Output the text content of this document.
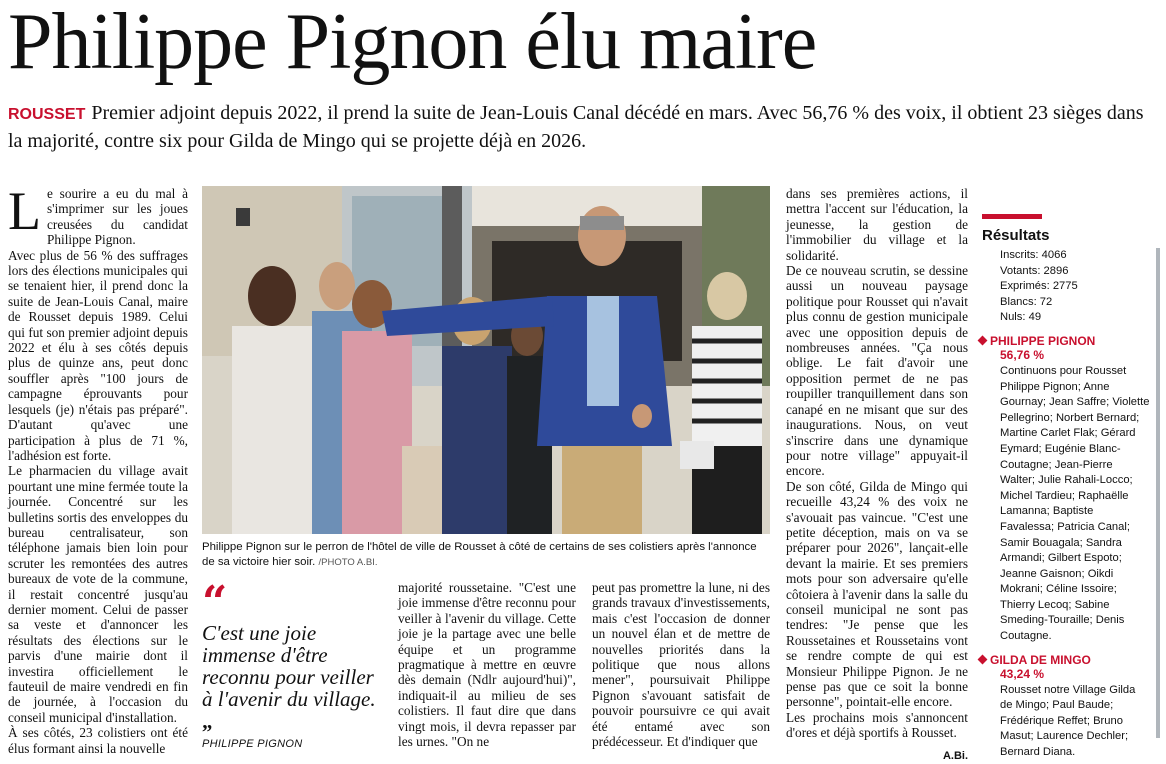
Philippe Pignon élu maire
ROUSSET Premier adjoint depuis 2022, il prend la suite de Jean-Louis Canal décédé en mars. Avec 56,76 % des voix, il obtient 23 sièges dans la majorité, contre six pour Gilda de Mingo qui se projette déjà en 2026.

Le sourire a eu du mal à s'imprimer sur les joues creusées du candidat Philippe Pignon.

Avec plus de 56 % des suffrages lors des élections municipales qui se tenaient hier, il prend donc la suite de Jean-Louis Canal, maire de Rousset depuis 1989. Celui qui fut son premier adjoint depuis 2022 et élu à ses côtés depuis plus de quinze ans, peut donc souffler après "100 jours de campagne éprouvants pour lesquels (je) n'étais pas préparé". D'autant qu'avec une participation à plus de 71 %, l'adhésion est forte.

Le pharmacien du village avait pourtant une mine fermée toute la journée. Concentré sur les bulletins sortis des enveloppes du bureau centralisateur, son téléphone jamais bien loin pour scruter les remontées des autres bureaux de vote de la commune, il restait concentré jusqu'au dernier moment. Celui de passer sa veste et d'annoncer les résultats des élections sur le parvis d'une mairie dont il investira officiellement le fauteuil de maire vendredi en fin de journée, à l'occasion du conseil municipal d'installation.

À ses côtés, 23 colistiers ont été élus formant ainsi la nouvelle

Philippe Pignon sur le perron de l'hôtel de ville de Rousset à côté de certains de ses colistiers après l'annonce de sa victoire hier soir. /PHOTO A.BI.
“
C'est une joie immense d'être reconnu pour veiller à l'avenir du village. „
PHILIPPE PIGNON

majorité roussetaine. "C'est une joie immense d'être reconnu pour veiller à l'avenir du village. Cette joie je la partage avec une belle équipe et un programme pragmatique à mettre en œuvre dès demain (Ndlr aujourd'hui)", indiquait-il au milieu de ses colistiers. Il faut dire que dans vingt mois, il devra repasser par les urnes. "On ne

peut pas promettre la lune, ni des grands travaux d'investissements, mais c'est l'occasion de donner un nouvel élan et de mettre de nouvelles priorités dans la politique que nous allons mener", poursuivait Philippe Pignon s'avouant satisfait de pouvoir poursuivre ce qui avait été entamé avec son prédécesseur. Et d'indiquer que

dans ses premières actions, il mettra l'accent sur l'éducation, la jeunesse, la gestion de l'immobilier du village et la solidarité.

De ce nouveau scrutin, se dessine aussi un nouveau paysage politique pour Rousset qui n'avait plus connu de gestion municipale avec une opposition depuis de nombreuses années. "Ça nous oblige. Le fait d'avoir une opposition permet de ne pas roupiller tranquillement dans son canapé en ne misant que sur des inaugurations. Nous, on veut s'inscrire dans une dynamique pour notre village" appuyait-il encore.

De son côté, Gilda de Mingo qui recueille 43,24 % des voix ne s'avouait pas vaincue. "C'est une petite déception, mais on va se préparer pour 2026", lançait-elle devant la mairie. Et ses premiers mots pour son adversaire qu'elle côtoiera à l'avenir dans la salle du conseil municipal ne sont pas tendres: "Je pense que les Roussetaines et Roussetains vont se rendre compte de qui est Monsieur Philippe Pignon. Je ne pense pas que ce soit la bonne personne", pointait-elle encore.

Les prochains mois s'annoncent d'ores et déjà sportifs à Rousset.

A.Bi.

Résultats
Inscrits: 4066
Votants: 2896
Exprimés: 2775
Blancs: 72
Nuls: 49
PHILIPPE PIGNON
56,76 %
Continuons pour Rousset Philippe Pignon; Anne Gournay; Jean Saffre; Violette Pellegrino; Norbert Bernard; Martine Carlet Flak; Gérard Eymard; Eugénie Blanc-Coutagne; Jean-Pierre Walter; Julie Rahali-Locco; Michel Tardieu; Raphaëlle Lamanna; Baptiste Favalessa; Patricia Canal; Samir Bouagala; Sandra Armandi; Gilbert Espoto; Jeanne Gaisnon; Oikdi Mokrani; Céline Issoire; Thierry Lecoq; Sabine Smeding-Touraille; Denis Coutagne.
GILDA DE MINGO
43,24 %
Rousset notre Village Gilda de Mingo; Paul Baude; Frédérique Reffet; Bruno Masut; Laurence Dechler; Bernard Diana.
